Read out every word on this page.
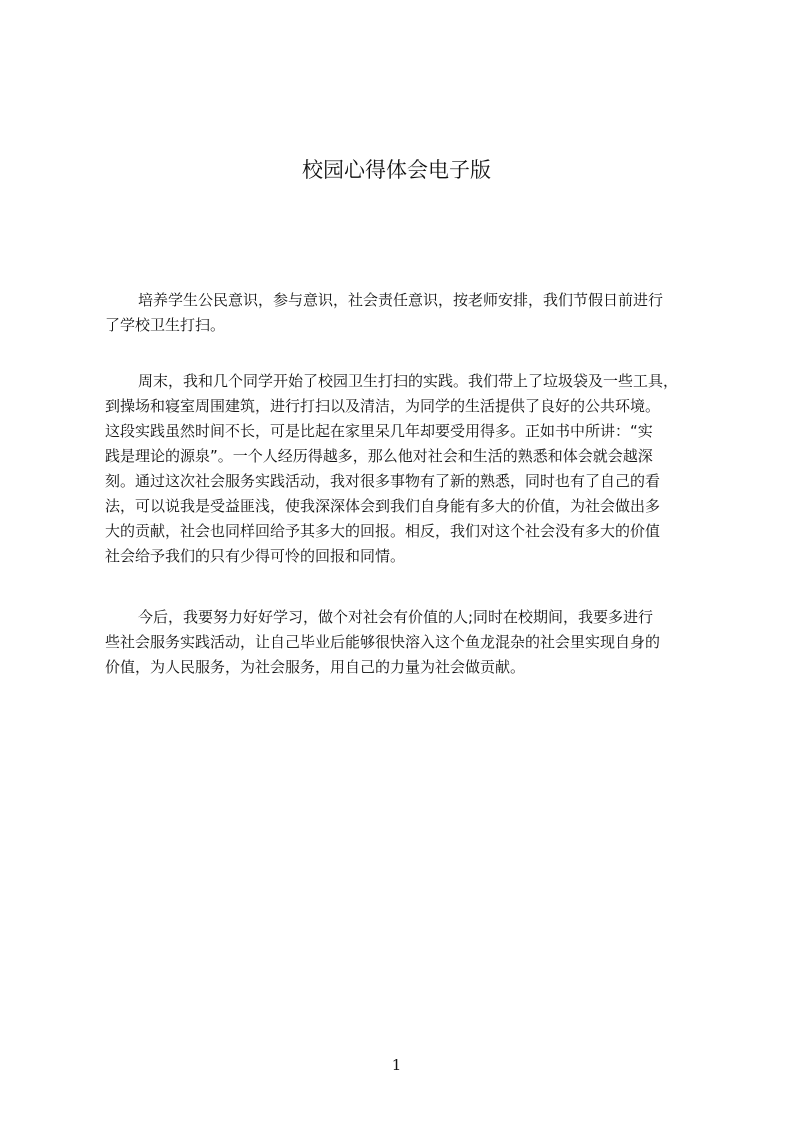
校园心得体会电子版
培养学生公民意识，参与意识，社会责任意识，按老师安排，我们节假日前进行
了学校卫生打扫。
周末，我和几个同学开始了校园卫生打扫的实践。我们带上了垃圾袋及一些工具，
到操场和寝室周围建筑，进行打扫以及清洁，为同学的生活提供了良好的公共环境。
这段实践虽然时间不长，可是比起在家里呆几年却要受用得多。正如书中所讲：“实
践是理论的源泉”。一个人经历得越多，那么他对社会和生活的熟悉和体会就会越深
刻。通过这次社会服务实践活动，我对很多事物有了新的熟悉，同时也有了自己的看
法，可以说我是受益匪浅，使我深深体会到我们自身能有多大的价值，为社会做出多
大的贡献，社会也同样回给予其多大的回报。相反，我们对这个社会没有多大的价值
社会给予我们的只有少得可怜的回报和同情。
今后，我要努力好好学习，做个对社会有价值的人;同时在校期间，我要多进行
些社会服务实践活动，让自己毕业后能够很快溶入这个鱼龙混杂的社会里实现自身的
价值，为人民服务，为社会服务，用自己的力量为社会做贡献。
1
